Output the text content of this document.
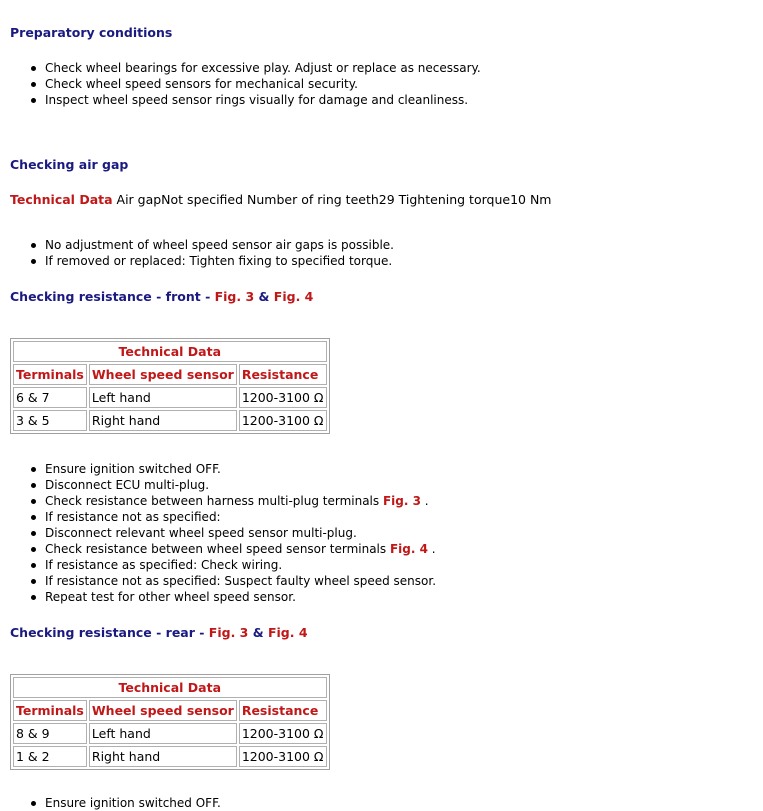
Preparatory conditions
Check wheel bearings for excessive play. Adjust or replace as necessary.
Check wheel speed sensors for mechanical security.
Inspect wheel speed sensor rings visually for damage and cleanliness.
Checking air gap
Technical Data Air gapNot specified Number of ring teeth29 Tightening torque10 Nm
No adjustment of wheel speed sensor air gaps is possible.
If removed or replaced: Tighten fixing to specified torque.
Checking resistance - front - Fig. 3 & Fig. 4
Technical Data		
Terminals	Wheel speed sensor	Resistance
6 & 7	Left hand	1200-3100 Ω
3 & 5	Right hand	1200-3100 Ω
Ensure ignition switched OFF.
Disconnect ECU multi-plug.
Check resistance between harness multi-plug terminals Fig. 3 .
If resistance not as specified:
Disconnect relevant wheel speed sensor multi-plug.
Check resistance between wheel speed sensor terminals Fig. 4 .
If resistance as specified: Check wiring.
If resistance not as specified: Suspect faulty wheel speed sensor.
Repeat test for other wheel speed sensor.
Checking resistance - rear - Fig. 3 & Fig. 4
Technical Data		
Terminals	Wheel speed sensor	Resistance
8 & 9	Left hand	1200-3100 Ω
1 & 2	Right hand	1200-3100 Ω
Ensure ignition switched OFF.
